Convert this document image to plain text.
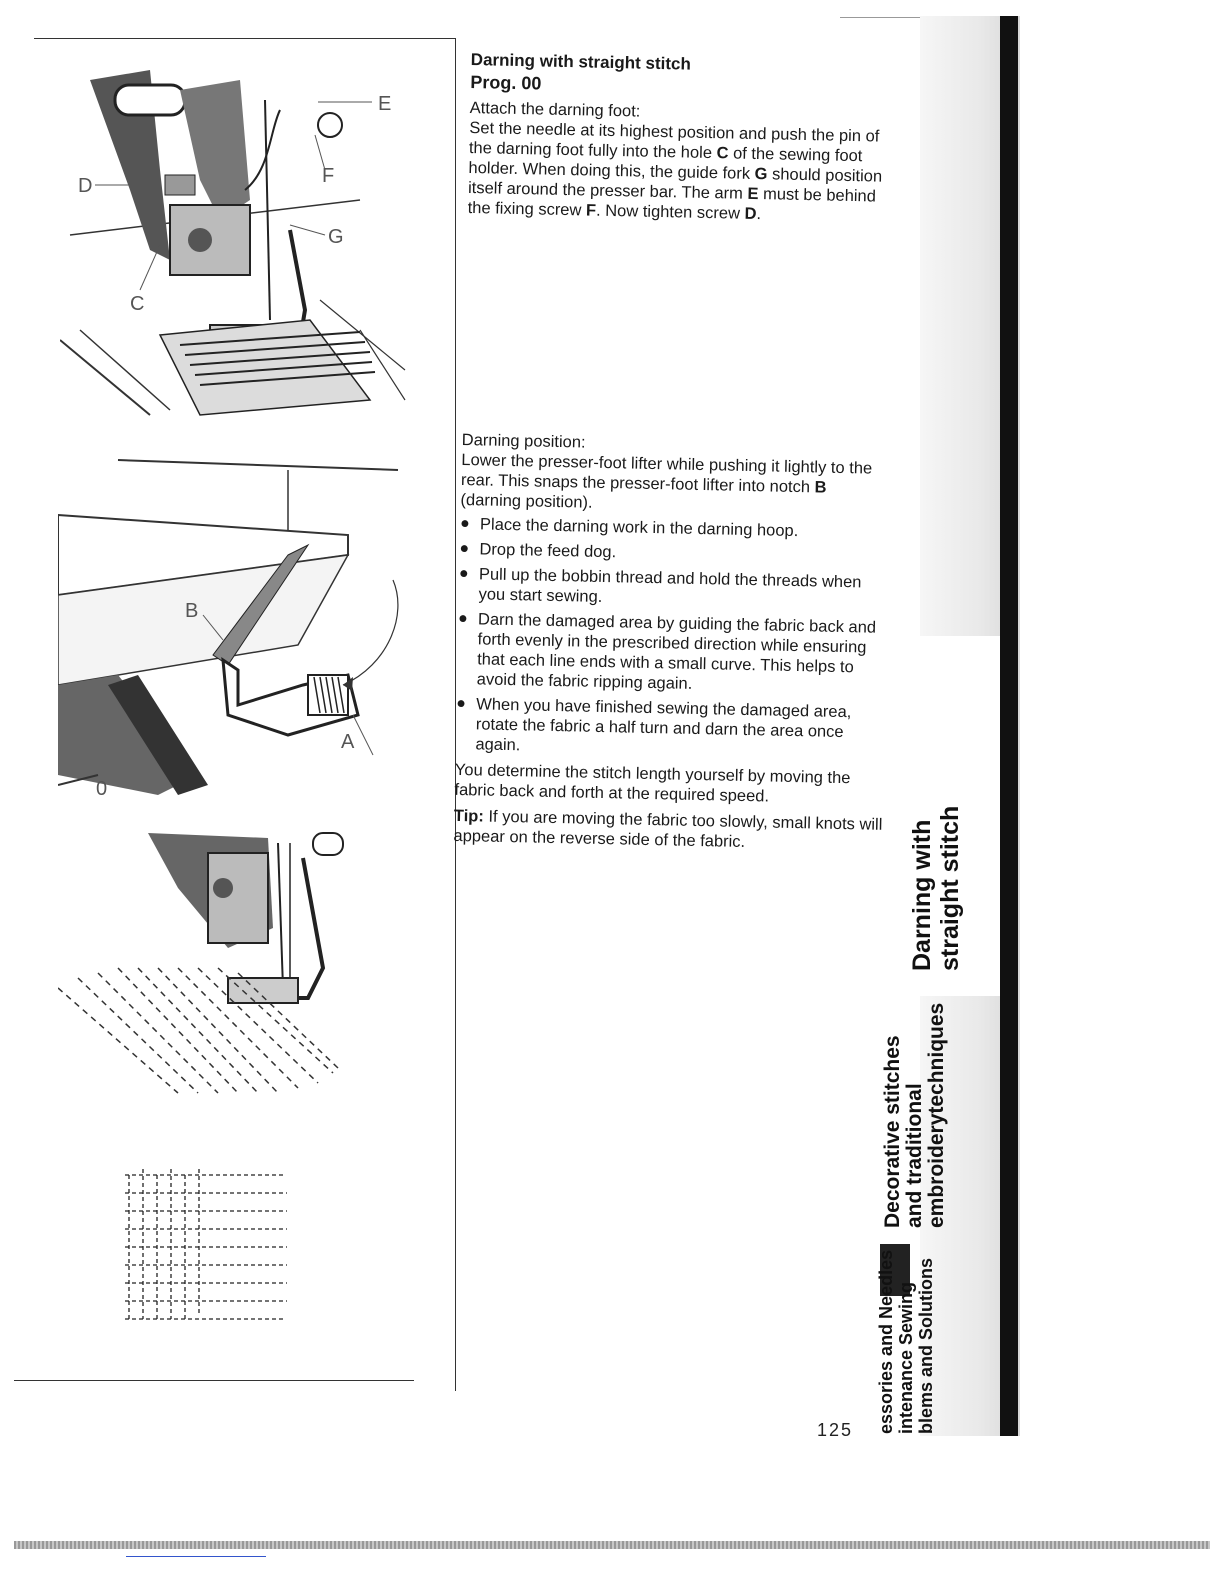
E
D	F
G
C
B
A
0
Darning with straight stitch
Prog. 00

Attach the darning foot:

Set the needle at its highest position and push the pin of the darning foot fully into the hole C of the sewing foot holder. When doing this, the guide fork G should position itself around the presser bar. The arm E must be behind the fixing screw F. Now tighten screw D.

Darning position:

Lower the presser-foot lifter while pushing it lightly to the rear. This snaps the presser-foot lifter into notch B (darning position).

● Place the darning work in the darning hoop.
● Drop the feed dog.
● Pull up the bobbin thread and hold the threads when you start sewing.
● Darn the damaged area by guiding the fabric back and forth evenly in the prescribed direction while ensuring that each line ends with a small curve. This helps to avoid the fabric ripping again.
● When you have finished sewing the damaged area, rotate the fabric a half turn and darn the area once again.

You determine the stitch length yourself by moving the fabric back and forth at the required speed.

Tip: If you are moving the fabric too slowly, small knots will appear on the reverse side of the fabric.	Darning with straight stitch
Decorative stitches and traditional embroiderytechniques
essories and Needles intenance Sewing blems and Solutions
125
